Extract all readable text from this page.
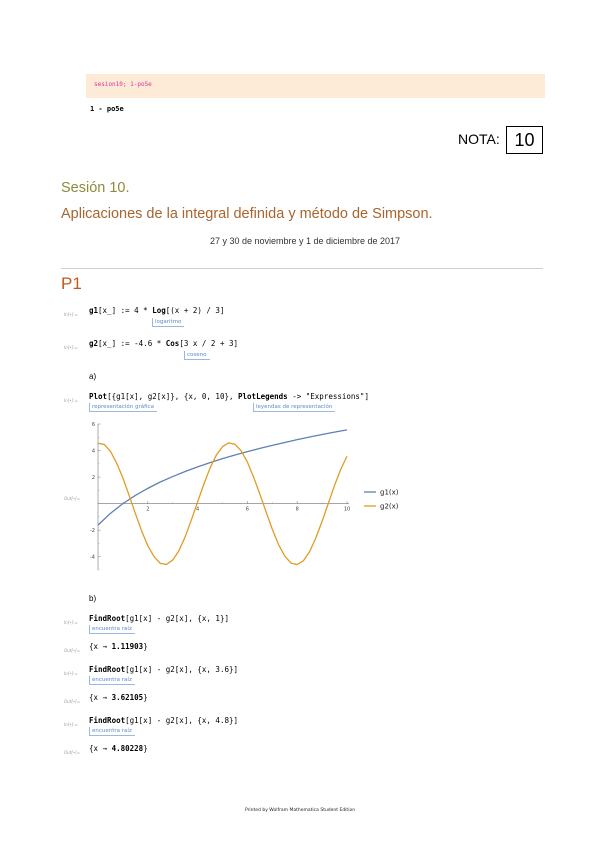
sesion10; 1-po5e
1 - po5e
NOTA: 10
Sesión 10.
Aplicaciones de la integral definida y método de Simpson.
27 y 30 de noviembre y 1 de diciembre de 2017
P1
In[•]:= g1[x_] := 4 * Log[(x + 2) / 3]
logaritmo
In[•]:= g2[x_] := -4.6 * Cos[3 x / 2 + 3]
coseno
a)
In[•]:= Plot[{g1[x], g2[x]}, {x, 0, 10}, PlotLegends -> "Expressions"]
representación gráfica	leyendas de representación
Out[•]=
2	4	6	8	10
-4
-2
2
4
6
g1(x)
g2(x)
b)
In[•]:= FindRoot[g1[x] - g2[x], {x, 1}]
encuentra raíz
Out[•]= {x → 1.11903}
In[•]:= FindRoot[g1[x] - g2[x], {x, 3.6}]
encuentra raíz
Out[•]= {x → 3.62105}
In[•]:= FindRoot[g1[x] - g2[x], {x, 4.8}]
encuentra raíz
Out[•]= {x → 4.80228}
Printed by Wolfram Mathematica Student Edition
